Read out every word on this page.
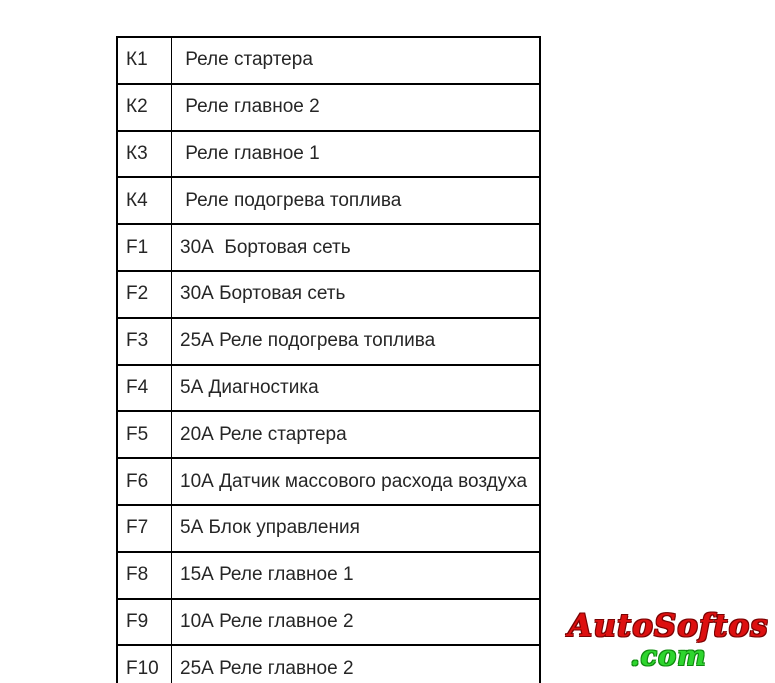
К1	Реле стартера
К2	Реле главное 2
К3	Реле главное 1
К4	Реле подогрева топлива
F1	30А  Бортовая сеть
F2	30А Бортовая сеть
F3	25А Реле подогрева топлива
F4	5А Диагностика
F5	20А Реле стартера
F6	10А Датчик массового расхода воздуха
F7	5А Блок управления
F8	15А Реле главное 1
F9	10А Реле главное 2
F10	25А Реле главное 2
AutoSoftos
.com
